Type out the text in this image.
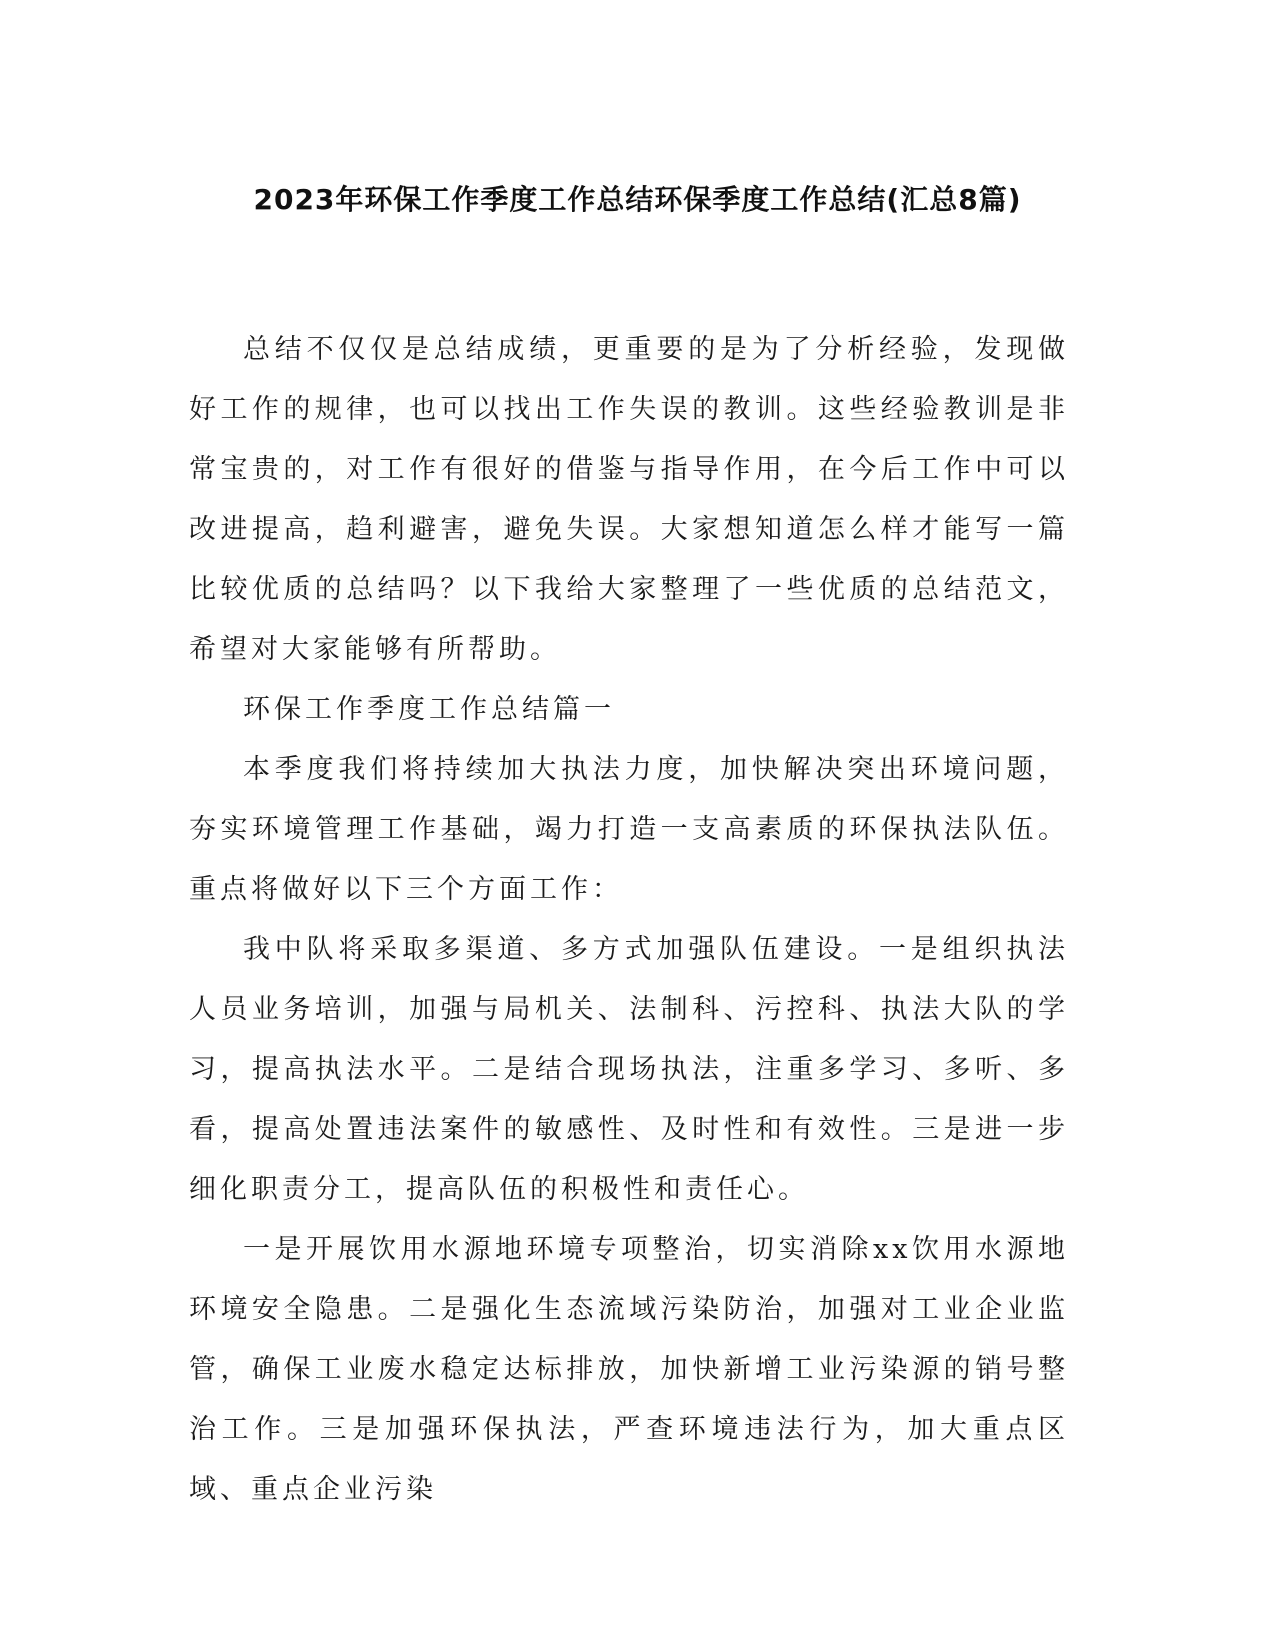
2023年环保工作季度工作总结环保季度工作总结(汇总8篇)

总结不仅仅是总结成绩，更重要的是为了分析经验，发现做好工作的规律，也可以找出工作失误的教训。这些经验教训是非常宝贵的，对工作有很好的借鉴与指导作用，在今后工作中可以改进提高，趋利避害，避免失误。大家想知道怎么样才能写一篇比较优质的总结吗？以下我给大家整理了一些优质的总结范文，希望对大家能够有所帮助。

环保工作季度工作总结篇一

本季度我们将持续加大执法力度，加快解决突出环境问题，夯实环境管理工作基础，竭力打造一支高素质的环保执法队伍。重点将做好以下三个方面工作：

我中队将采取多渠道、多方式加强队伍建设。一是组织执法人员业务培训，加强与局机关、法制科、污控科、执法大队的学习，提高执法水平。二是结合现场执法，注重多学习、多听、多看，提高处置违法案件的敏感性、及时性和有效性。三是进一步细化职责分工，提高队伍的积极性和责任心。

一是开展饮用水源地环境专项整治，切实消除xx饮用水源地环境安全隐患。二是强化生态流域污染防治，加强对工业企业监管，确保工业废水稳定达标排放，加快新增工业污染源的销号整治工作。三是加强环保执法，严查环境违法行为，加大重点区域、重点企业污染
